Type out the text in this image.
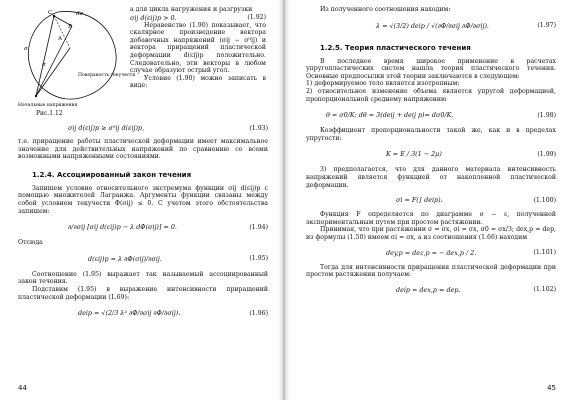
C	dσ
σ
A
B
σ
Поверхность текучести
Начальные напряжения

а для цикла нагружения и разгрузки

σij d(εij)p > 0.	(1.92)

Неравенство (1.90) показывает, что скалярное произведение вектора добавочных напряжений (σij − σ⁰ij) и вектора приращений пластической деформации d(εij)p положительно. Следовательно, эти векторы в любом случае образуют острый угол.

Условие (1.90) можно записать в виде:

Рис.1.12
σij d(εij)p ≥ σ⁰ij d(εij)p,	(1.93)

т.е. приращение работы пластической деформации имеет максимальное значение для действительных напряжений по сравнению со всеми возможными напряженными состояниями.

1.2.4. Ассоциированный закон течения

Запишем условие относительного экстремума функции σij d(εij)p с помощью множителей Лагранжа. Аргументы функции связаны между собой условием текучести Φ(σij) ≤ 0. С учетом этого обстоятельства запишем:

∂/∂σij [σij d(εij)p − λ dΦ(σij)] = 0.	(1.94)

Отсюда

d(εij)p = λ ∂Φ(σij)/∂σij.	(1.95)

Соотношение (1.95) выражает так называемый ассоциированный закон течения.

Подставим (1.95) в выражение интенсивности приращений пластической деформации (1.69):

deip = √(2/3 λ² ∂Φ/∂σij ∂Φ/∂σij).	(1.96)
44

Из полученного соотношения находим:

λ = √(3/2) deip / √(∂Φ/∂σij ∂Φ/∂σij).	(1.97)

1.2.5. Теория пластического течения

В последнее время широкое применение в расчетах упругопластических систем нашла теория пластического течения. Основные предпосылки этой теории заключаются в следующем:

1) деформируемое тело является изотропным;

2) относительное изменение объема является упругой деформацией, пропорциональной среднему напряжению

θ = σ0/K; dθ = 3(deij + deij p)= dσ0/K.	(1.98)

Коэффициент пропорциональности такой же, как и в пределах упругости:

K = E / 3(1 − 2μ)	(1.99)

3) предполагается, что для данного материала интенсивность напряжений является функцией от накопленной пластической деформации.

σi = F(∫ deip).	(1.100)

Функция F определяется по диаграмме σ − ε, полученной экспериментальным путем при простом растяжении.

Принимая, что при растяжении σ = σx, σi = σx, σ0 = σx/3; dex,p = dep, из формулы (1.50) имеем σi = σx, а из соотношения (1.66) находим

dey,p = dez,p = − dex,p / 2.	(1.101)

Тогда для интенсивности приращения пластической деформации при простом растяжении получаем:

deip = dex,p = dep.	(1.102)
45
